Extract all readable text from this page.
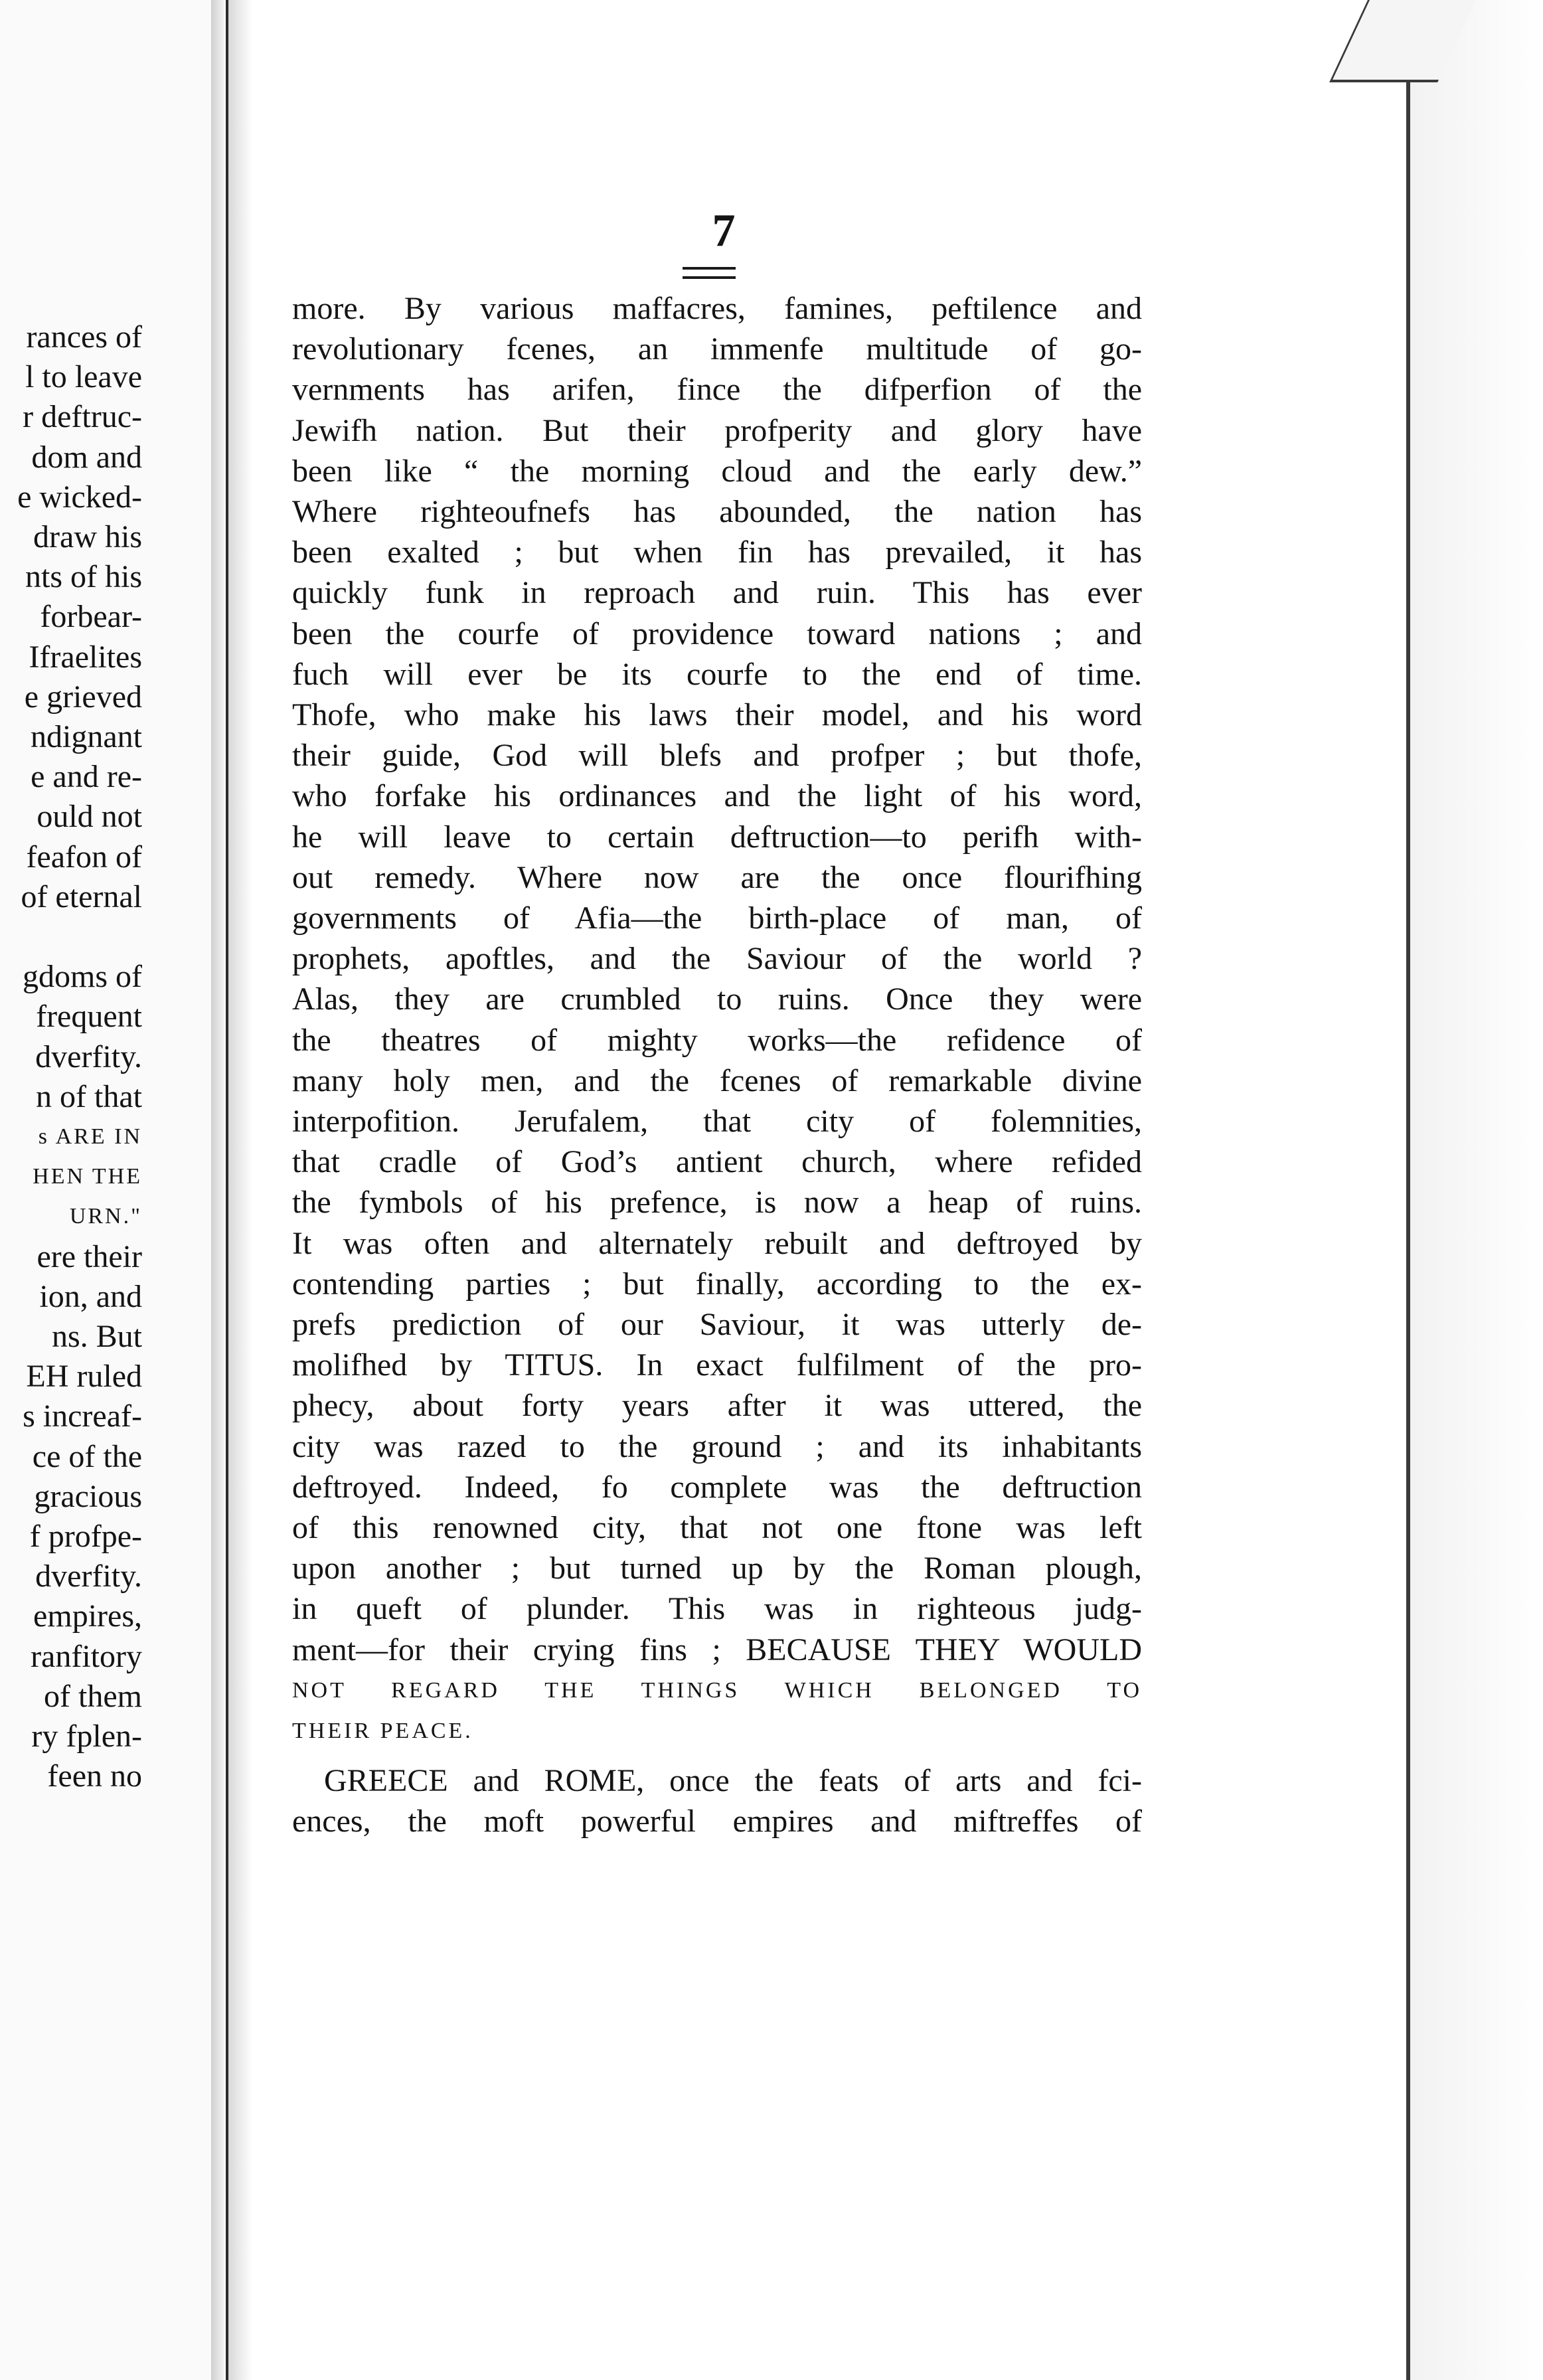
rances of
l to leave
r deftruc-
dom and
e wicked-
draw his
nts of his
forbear-
Ifraelites
e grieved
ndignant
e and re-
ould not
feafon of
of eternal
gdoms of
frequent
dverfity.
n of that
s ARE IN
HEN THE
URN."
ere their
ion, and
ns. But
EH ruled
s increaf-
ce of the
gracious
f profpe-
dverfity.
empires,
ranfitory
of them
ry fplen-
feen no
7
more. By various maffacres, famines, peftilence and
revolutionary fcenes, an immenfe multitude of go-
vernments has arifen, fince the difperfion of the
Jewifh nation. But their profperity and glory have
been like “ the morning cloud and the early dew.”
Where righteoufnefs has abounded, the nation has
been exalted ; but when fin has prevailed, it has
quickly funk in reproach and ruin. This has ever
been the courfe of providence toward nations ; and
fuch will ever be its courfe to the end of time.
Thofe, who make his laws their model, and his word
their guide, God will blefs and profper ; but thofe,
who forfake his ordinances and the light of his word,
he will leave to certain deftruction—to perifh with-
out remedy. Where now are the once flourifhing
governments of Afia—the birth-place of man, of
prophets, apoftles, and the Saviour of the world ?
Alas, they are crumbled to ruins. Once they were
the theatres of mighty works—the refidence of
many holy men, and the fcenes of remarkable divine
interpofition. Jerufalem, that city of folemnities,
that cradle of God’s antient church, where refided
the fymbols of his prefence, is now a heap of ruins.
It was often and alternately rebuilt and deftroyed by
contending parties ; but finally, according to the ex-
prefs prediction of our Saviour, it was utterly de-
molifhed by TITUS. In exact fulfilment of the pro-
phecy, about forty years after it was uttered, the
city was razed to the ground ; and its inhabitants
deftroyed. Indeed, fo complete was the deftruction
of this renowned city, that not one ftone was left
upon another ; but turned up by the Roman plough,
in queft of plunder. This was in righteous judg-
ment—for their crying fins ; BECAUSE THEY WOULD
NOT REGARD THE THINGS WHICH BELONGED TO
THEIR PEACE.
GREECE and ROME, once the feats of arts and fci-
ences, the moft powerful empires and miftreffes of
